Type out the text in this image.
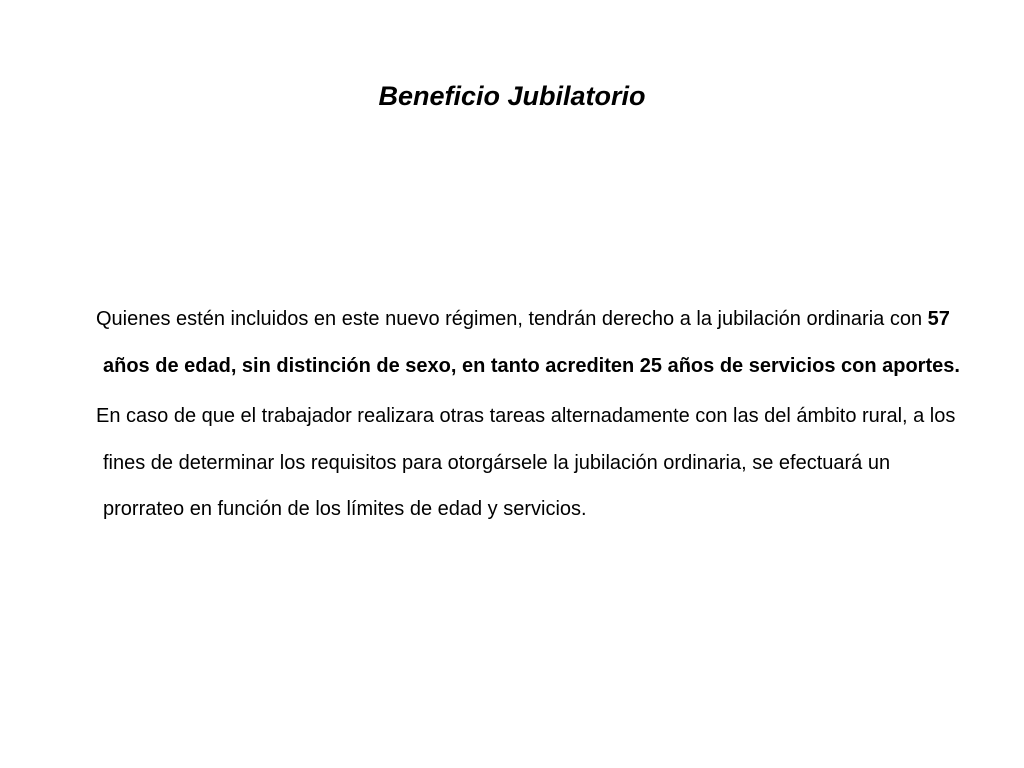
Beneficio Jubilatorio

Quienes estén incluidos en este nuevo régimen, tendrán derecho a la jubilación ordinaria con 57 años de edad, sin distinción de sexo, en tanto acrediten 25 años de servicios con aportes.

En caso de que el trabajador realizara otras tareas alternadamente con las del ámbito rural, a los fines de determinar los requisitos para otorgársele la jubilación ordinaria, se efectuará un prorrateo en función de los límites de edad y servicios.
